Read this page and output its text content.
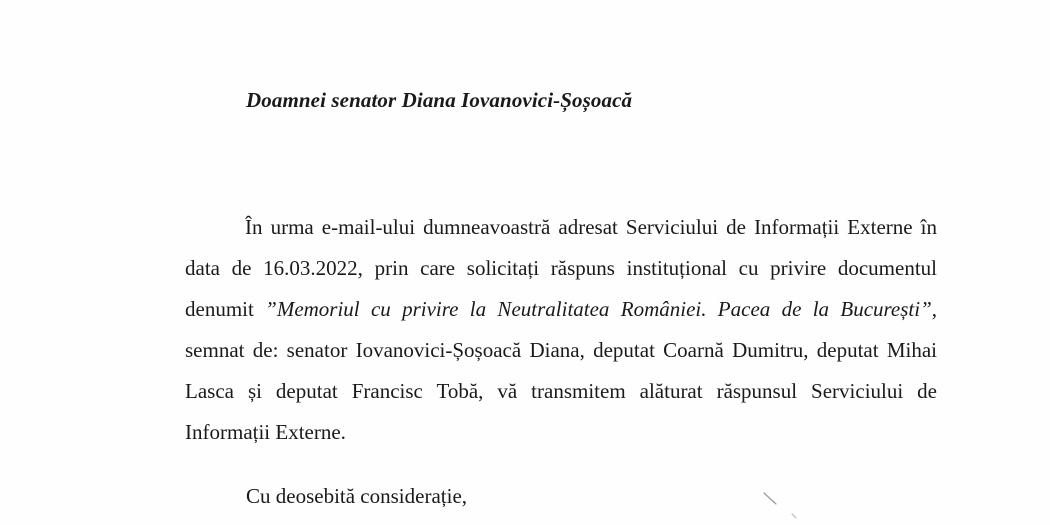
Doamnei senator Diana Iovanovici-Șoșoacă

În urma e-mail-ului dumneavoastră adresat Serviciului de Informații Externe în data de 16.03.2022, prin care solicitați răspuns instituțional cu privire documentul denumit ”Memoriul cu privire la Neutralitatea României. Pacea de la București”, semnat de: senator Iovanovici-Șoșoacă Diana, deputat Coarnă Dumitru, deputat Mihai Lasca și deputat Francisc Tobă, vă transmitem alăturat răspunsul Serviciului de Informații Externe.

Cu deosebită considerație,
